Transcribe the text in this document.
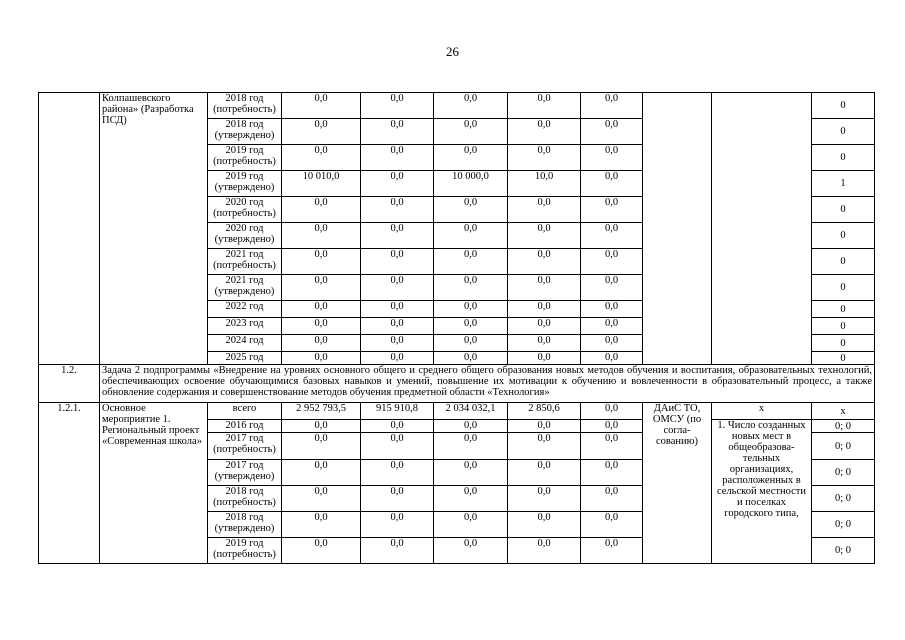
26
	Колпашевского района» (Разработка ПСД)	2018 год (потребность)	0,0	0,0	0,0	0,0	0,0			0
		2018 год (утверждено)	0,0	0,0	0,0	0,0	0,0			0
		2019 год (потребность)	0,0	0,0	0,0	0,0	0,0			0
		2019 год (утверждено)	10 010,0	0,0	10 000,0	10,0	0,0			1
		2020 год (потребность)	0,0	0,0	0,0	0,0	0,0			0
		2020 год (утверждено)	0,0	0,0	0,0	0,0	0,0			0
		2021 год (потребность)	0,0	0,0	0,0	0,0	0,0			0
		2021 год (утверждено)	0,0	0,0	0,0	0,0	0,0			0
		2022 год	0,0	0,0	0,0	0,0	0,0			0
		2023 год	0,0	0,0	0,0	0,0	0,0			0
		2024 год	0,0	0,0	0,0	0,0	0,0			0
		2025 год	0,0	0,0	0,0	0,0	0,0			0
1.2.	Задача 2 подпрограммы «Внедрение на уровнях основного общего и среднего общего образования новых методов обучения и воспитания, образовательных технологий, обеспечивающих освоение обучающимися базовых навыков и умений, повышение их мотивации к обучению и вовлеченности в образовательный процесс, а также обновление содержания и совершенствование методов обучения предметной области «Технология»									
1.2.1.	Основное мероприятие 1. Региональный проект «Современная школа»	всего	2 952 793,5	915 910,8	2 034 032,1	2 850,6	0,0	ДАиС ТО, ОМСУ (по согла-сованию)	x	x
		2016 год	0,0	0,0	0,0	0,0	0,0		1. Число созданных новых мест в общеобразова-тельных организациях, расположенных в сельской местности и поселках городского типа,	0; 0
		2017 год (потребность)	0,0	0,0	0,0	0,0	0,0			0; 0
		2017 год (утверждено)	0,0	0,0	0,0	0,0	0,0			0; 0
		2018 год (потребность)	0,0	0,0	0,0	0,0	0,0			0; 0
		2018 год (утверждено)	0,0	0,0	0,0	0,0	0,0			0; 0
		2019 год (потребность)	0,0	0,0	0,0	0,0	0,0			0; 0
